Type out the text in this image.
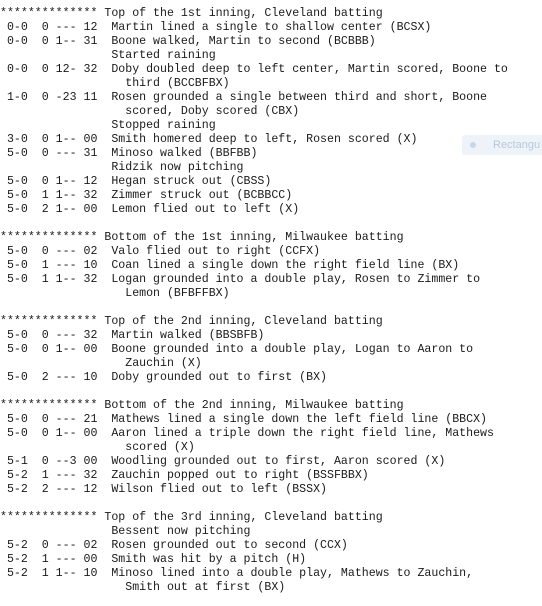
************** Top of the 1st inning, Cleveland batting
0-0  0 --- 12  Martin lined a single to shallow center (BCSX)
0-0  0 1-- 31  Boone walked, Martin to second (BCBBB)
Started raining
0-0  0 12- 32  Doby doubled deep to left center, Martin scored, Boone to
third (BCCBFBX)
1-0  0 -23 11  Rosen grounded a single between third and short, Boone
scored, Doby scored (CBX)
Stopped raining
3-0  0 1-- 00  Smith homered deep to left, Rosen scored (X)
5-0  0 --- 31  Minoso walked (BBFBB)
Ridzik now pitching
5-0  0 1-- 12  Hegan struck out (CBSS)
5-0  1 1-- 32  Zimmer struck out (BCBBCC)
5-0  2 1-- 00  Lemon flied out to left (X)
************** Bottom of the 1st inning, Milwaukee batting
5-0  0 --- 02  Valo flied out to right (CCFX)
5-0  1 --- 10  Coan lined a single down the right field line (BX)
5-0  1 1-- 32  Logan grounded into a double play, Rosen to Zimmer to
Lemon (BFBFFBX)
************** Top of the 2nd inning, Cleveland batting
5-0  0 --- 32  Martin walked (BBSBFB)
5-0  0 1-- 00  Boone grounded into a double play, Logan to Aaron to
Zauchin (X)
5-0  2 --- 10  Doby grounded out to first (BX)
************** Bottom of the 2nd inning, Milwaukee batting
5-0  0 --- 21  Mathews lined a single down the left field line (BBCX)
5-0  0 1-- 00  Aaron lined a triple down the right field line, Mathews
scored (X)
5-1  0 --3 00  Woodling grounded out to first, Aaron scored (X)
5-2  1 --- 32  Zauchin popped out to right (BSSFBBX)
5-2  2 --- 12  Wilson flied out to left (BSSX)
************** Top of the 3rd inning, Cleveland batting
Bessent now pitching
5-2  0 --- 02  Rosen grounded out to second (CCX)
5-2  1 --- 00  Smith was hit by a pitch (H)
5-2  1 1-- 10  Minoso lined into a double play, Mathews to Zauchin,
Smith out at first (BX)
Rectangu
